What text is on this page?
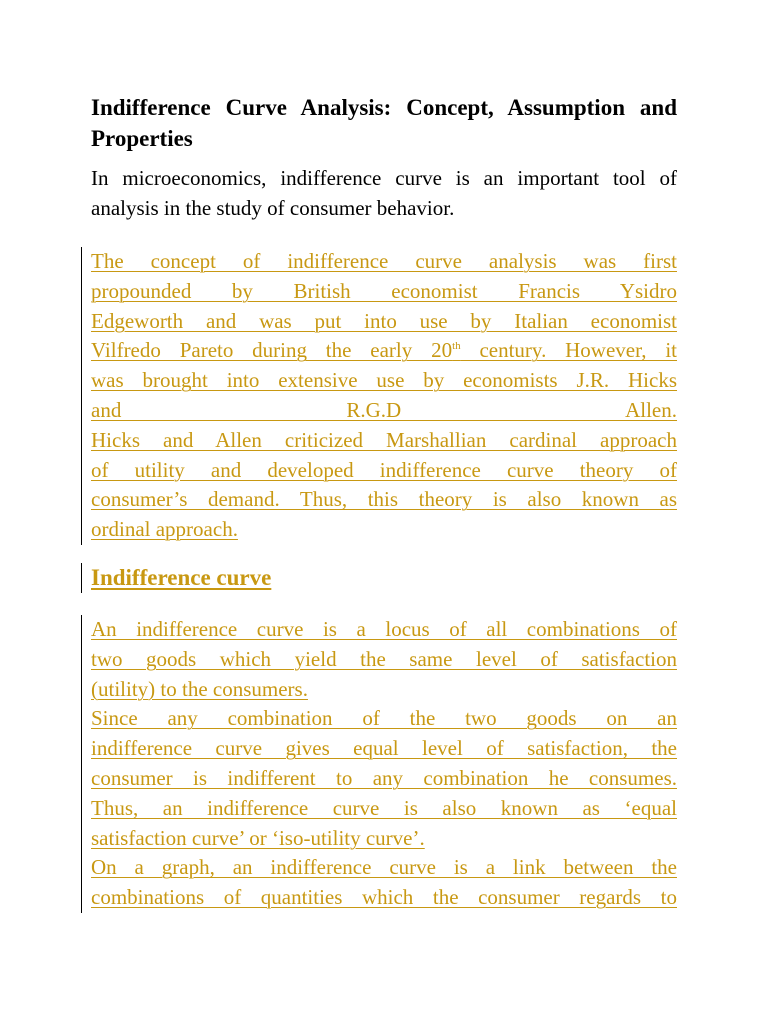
Indifference Curve Analysis: Concept, Assumption and Properties

In microeconomics, indifference curve is an important tool of analysis in the study of consumer behavior.

The concept of indifference curve analysis was first
propounded by British economist Francis Ysidro
Edgeworth and was put into use by Italian economist
Vilfredo Pareto during the early 20th century. However, it
was brought into extensive use by economists J.R. Hicks
and R.G.D Allen.
Hicks and Allen criticized Marshallian cardinal approach
of utility and developed indifference curve theory of
consumer’s demand. Thus, this theory is also known as
ordinal approach.

Indifference curve

An indifference curve is a locus of all combinations of
two goods which yield the same level of satisfaction
(utility) to the consumers.
Since any combination of the two goods on an
indifference curve gives equal level of satisfaction, the
consumer is indifferent to any combination he consumes.
Thus, an indifference curve is also known as ‘equal
satisfaction curve’ or ‘iso-utility curve’.
On a graph, an indifference curve is a link between the
combinations of quantities which the consumer regards to
